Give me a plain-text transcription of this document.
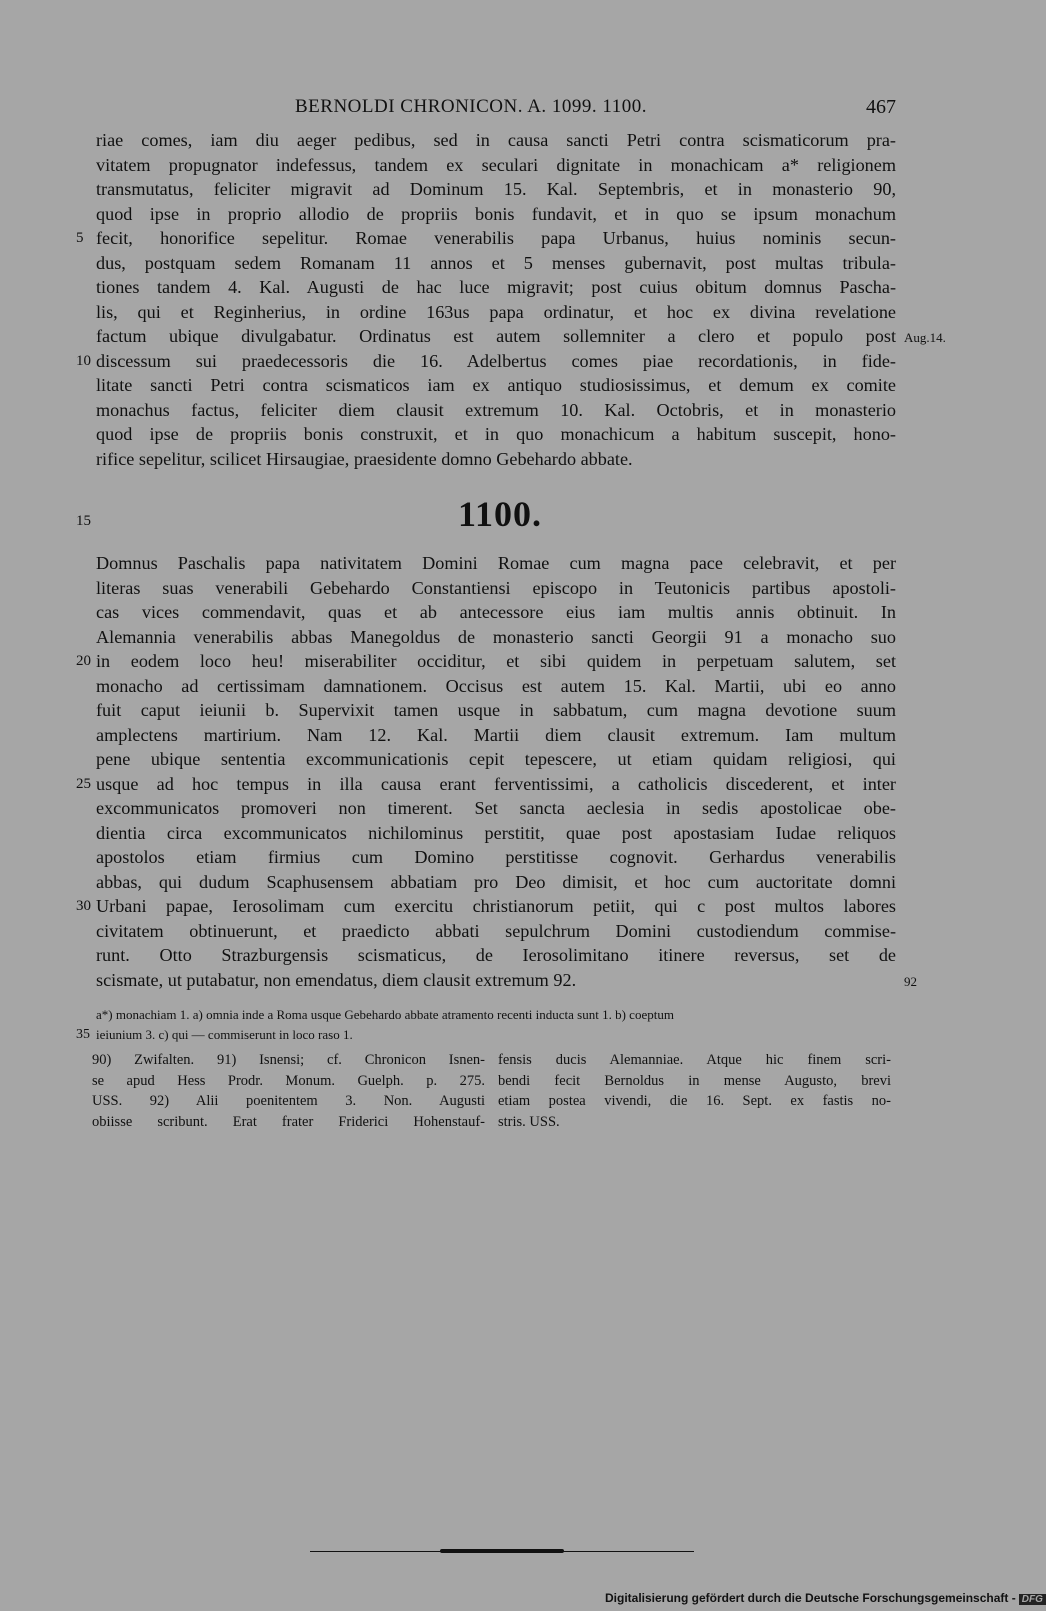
BERNOLDI CHRONICON. A. 1099. 1100.	467
riae comes, iam diu aeger pedibus, sed in causa sancti Petri contra scismaticorum pra-
vitatem propugnator indefessus, tandem ex seculari dignitate in monachicam a* religionem
transmutatus, feliciter migravit ad Dominum 15. Kal. Septembris, et in monasterio 90,
quod ipse in proprio allodio de propriis bonis fundavit, et in quo se ipsum monachum
5 fecit, honorifice sepelitur. Romae venerabilis papa Urbanus, huius nominis secun-
dus, postquam sedem Romanam 11 annos et 5 menses gubernavit, post multas tribula-
tiones tandem 4. Kal. Augusti de hac luce migravit; post cuius obitum domnus Pascha-
lis, qui et Reginherius, in ordine 163us papa ordinatur, et hoc ex divina revelatione
factum ubique divulgabatur. Ordinatus est autem sollemniter a clero et populo post Aug.14.
10 discessum sui praedecessoris die 16. Adelbertus comes piae recordationis, in fide-
litate sancti Petri contra scismaticos iam ex antiquo studiosissimus, et demum ex comite
monachus factus, feliciter diem clausit extremum 10. Kal. Octobris, et in monasterio
quod ipse de propriis bonis construxit, et in quo monachicum a habitum suscepit, hono-
rifice sepelitur, scilicet Hirsaugiae, praesidente domno Gebehardo abbate.
15	1100.
Domnus Paschalis papa nativitatem Domini Romae cum magna pace celebravit, et per
literas suas venerabili Gebehardo Constantiensi episcopo in Teutonicis partibus apostoli-
cas vices commendavit, quas et ab antecessore eius iam multis annis obtinuit. In
Alemannia venerabilis abbas Manegoldus de monasterio sancti Georgii 91 a monacho suo
20 in eodem loco heu! miserabiliter occiditur, et sibi quidem in perpetuam salutem, set
monacho ad certissimam damnationem. Occisus est autem 15. Kal. Martii, ubi eo anno
fuit caput ieiunii b. Supervixit tamen usque in sabbatum, cum magna devotione suum
amplectens martirium. Nam 12. Kal. Martii diem clausit extremum. Iam multum
pene ubique sententia excommunicationis cepit tepescere, ut etiam quidam religiosi, qui
25 usque ad hoc tempus in illa causa erant ferventissimi, a catholicis discederent, et inter
excommunicatos promoveri non timerent. Set sancta aeclesia in sedis apostolicae obe-
dientia circa excommunicatos nichilominus perstitit, quae post apostasiam Iudae reliquos
apostolos etiam firmius cum Domino perstitisse cognovit. Gerhardus venerabilis
abbas, qui dudum Scaphusensem abbatiam pro Deo dimisit, et hoc cum auctoritate domni
30 Urbani papae, Ierosolimam cum exercitu christianorum petiit, qui c post multos labores
civitatem obtinuerunt, et praedicto abbati sepulchrum Domini custodiendum commise-
runt. Otto Strazburgensis scismaticus, de Ierosolimitano itinere reversus, set de
scismate, ut putabatur, non emendatus, diem clausit extremum 92.	92
a*) monachiam 1. a) omnia inde a Roma usque Gebehardo abbate atramento recenti inducta sunt 1. b) coeptum
35 ieiunium 3. c) qui — commiserunt in loco raso 1.
90) Zwifalten. 91) Isnensi; cf. Chronicon Isnen-
se apud Hess Prodr. Monum. Guelph. p. 275.
USS. 92) Alii poenitentem 3. Non. Augusti
obiisse scribunt. Erat frater Friderici Hohenstauf-
fensis ducis Alemanniae. Atque hic finem scri-
bendi fecit Bernoldus in mense Augusto, brevi
etiam postea vivendi, die 16. Sept. ex fastis no-
stris. USS.
Digitalisierung gefördert durch die Deutsche Forschungsgemeinschaft - DFG
